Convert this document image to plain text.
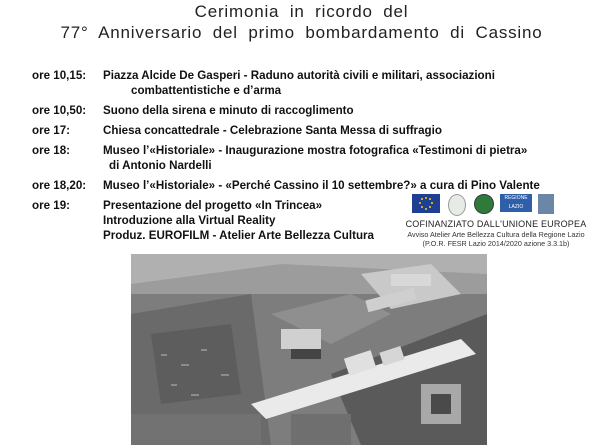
Cerimonia in ricordo del
77° Anniversario del primo bombardamento di Cassino
ore 10,15:	Piazza Alcide De Gasperi - Raduno autorità civili e militari, associazioni
combattentistiche e d’arma
ore 10,50:	Suono della sirena e minuto di raccoglimento
ore 17:	Chiesa concattedrale - Celebrazione Santa Messa di suffragio
ore 18:	Museo l’«Historiale» - Inaugurazione mostra fotografica «Testimoni di pietra»
di Antonio Nardelli
ore 18,20:	Museo l’«Historiale» - «Perché Cassino il 10 settembre?» a cura di Pino Valente
ore 19:	Presentazione del progetto «In Trincea»
Introduzione alla Virtual Reality
Produz. EUROFILM - Atelier Arte Bellezza Cultura
REGIONE LAZIO
COFINANZIATO DALL'UNIONE EUROPEA
Avviso Atelier Arte Bellezza Cultura della Regione Lazio
(P.O.R. FESR Lazio 2014/2020 azione 3.3.1b)
